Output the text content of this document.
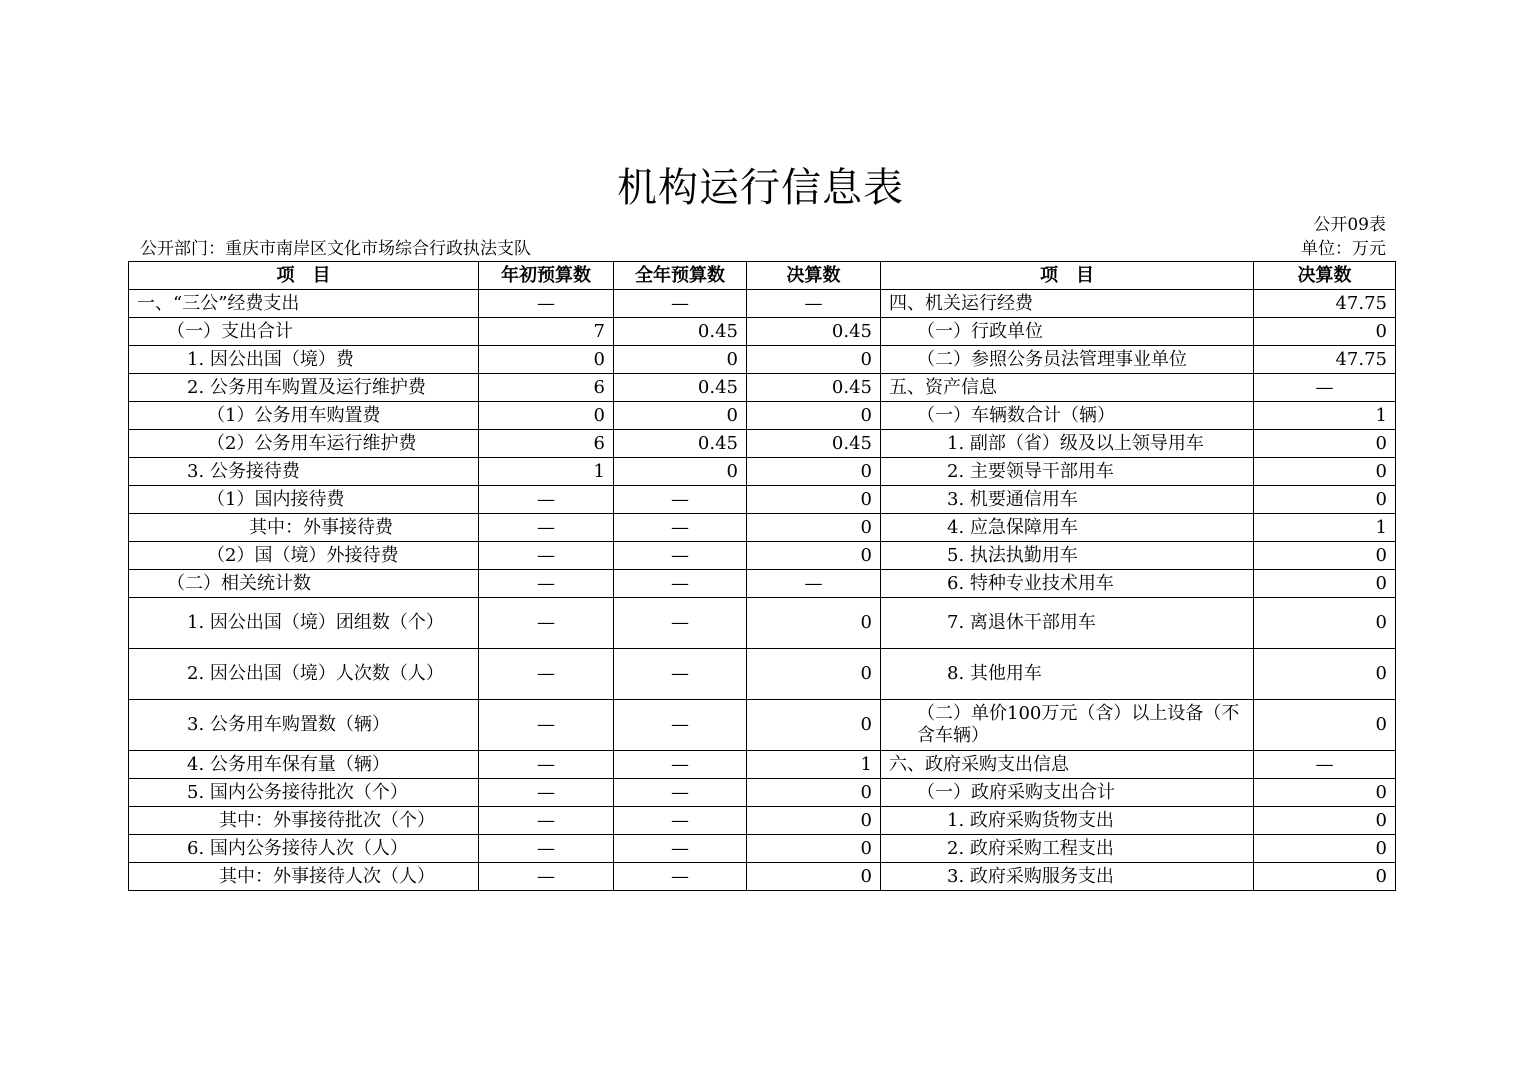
机构运行信息表
公开09表
公开部门：重庆市南岸区文化市场综合行政执法支队	单位：万元
项　目	年初预算数	全年预算数	决算数	项　目	决算数
一、“三公”经费支出	—	—	—	四、机关运行经费	47.75
（一）支出合计	7	0.45	0.45	（一）行政单位	0
1. 因公出国（境）费	0	0	0	（二）参照公务员法管理事业单位	47.75
2. 公务用车购置及运行维护费	6	0.45	0.45	五、资产信息	—
（1）公务用车购置费	0	0	0	（一）车辆数合计（辆）	1
（2）公务用车运行维护费	6	0.45	0.45	1. 副部（省）级及以上领导用车	0
3. 公务接待费	1	0	0	2. 主要领导干部用车	0
（1）国内接待费	—	—	0	3. 机要通信用车	0
其中：外事接待费	—	—	0	4. 应急保障用车	1
（2）国（境）外接待费	—	—	0	5. 执法执勤用车	0
（二）相关统计数	—	—	—	6. 特种专业技术用车	0
1. 因公出国（境）团组数（个）	—	—	0	7. 离退休干部用车	0
2. 因公出国（境）人次数（人）	—	—	0	8. 其他用车	0
3. 公务用车购置数（辆）	—	—	0	（二）单价100万元（含）以上设备（不含车辆）	0
4. 公务用车保有量（辆）	—	—	1	六、政府采购支出信息	—
5. 国内公务接待批次（个）	—	—	0	（一）政府采购支出合计	0
其中：外事接待批次（个）	—	—	0	1. 政府采购货物支出	0
6. 国内公务接待人次（人）	—	—	0	2. 政府采购工程支出	0
其中：外事接待人次（人）	—	—	0	3. 政府采购服务支出	0
